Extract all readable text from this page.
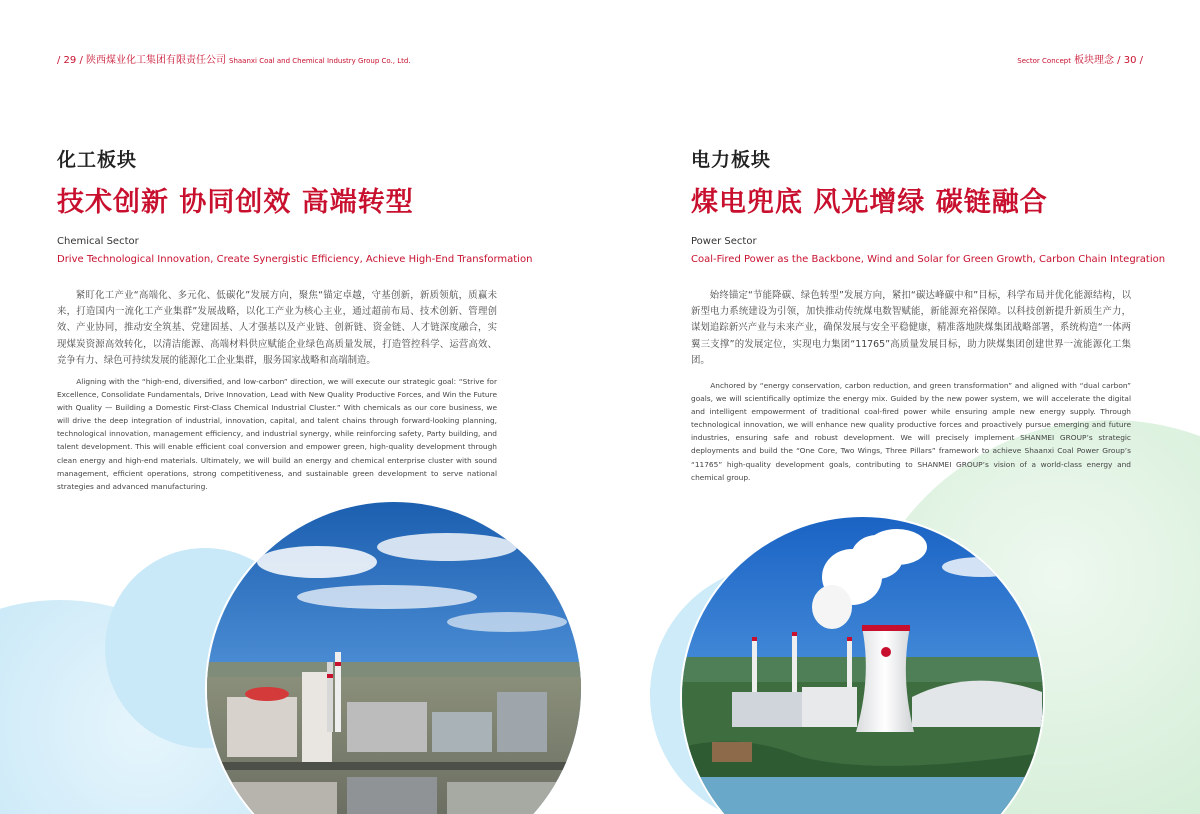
/ 29 / 陕西煤业化工集团有限责任公司 Shaanxi Coal and Chemical Industry Group Co., Ltd.
化工板块
技术创新 协同创效 高端转型
Chemical Sector
Drive Technological Innovation, Create Synergistic Efficiency, Achieve High-End Transformation

紧盯化工产业“高端化、多元化、低碳化”发展方向，聚焦“锚定卓越，守基创新，新质领航，质赢未来，打造国内一流化工产业集群”发展战略，以化工产业为核心主业，通过超前布局、技术创新、管理创效、产业协同，推动安全筑基、党建固基、人才强基以及产业链、创新链、资金链、人才链深度融合，实现煤炭资源高效转化，以清洁能源、高端材料供应赋能企业绿色高质量发展，打造管控科学、运营高效、竞争有力、绿色可持续发展的能源化工企业集群，服务国家战略和高端制造。

Aligning with the “high-end, diversified, and low-carbon” direction, we will execute our strategic goal: “Strive for Excellence, Consolidate Fundamentals, Drive Innovation, Lead with New Quality Productive Forces, and Win the Future with Quality — Building a Domestic First-Class Chemical Industrial Cluster.” With chemicals as our core business, we will drive the deep integration of industrial, innovation, capital, and talent chains through forward-looking planning, technological innovation, management efficiency, and industrial synergy, while reinforcing safety, Party building, and talent development. This will enable efficient coal conversion and empower green, high-quality development through clean energy and high-end materials. Ultimately, we will build an energy and chemical enterprise cluster with sound management, efficient operations, strong competitiveness, and sustainable green development to serve national strategies and advanced manufacturing.

Sector Concept 板块理念 / 30 /
电力板块
煤电兜底 风光增绿 碳链融合
Power Sector
Coal-Fired Power as the Backbone, Wind and Solar for Green Growth, Carbon Chain Integration

始终锚定“节能降碳、绿色转型”发展方向，紧扣“碳达峰碳中和”目标，科学布局并优化能源结构，以新型电力系统建设为引领，加快推动传统煤电数智赋能，新能源充裕保障。以科技创新提升新质生产力，谋划追踪新兴产业与未来产业，确保发展与安全平稳健康，精准落地陕煤集团战略部署，系统构造“一体两翼三支撑”的发展定位，实现电力集团“11765”高质量发展目标，助力陕煤集团创建世界一流能源化工集团。

Anchored by “energy conservation, carbon reduction, and green transformation” and aligned with “dual carbon” goals, we will scientifically optimize the energy mix. Guided by the new power system, we will accelerate the digital and intelligent empowerment of traditional coal-fired power while ensuring ample new energy supply. Through technological innovation, we will enhance new quality productive forces and proactively pursue emerging and future industries, ensuring safe and robust development. We will precisely implement SHANMEI GROUP’s strategic deployments and build the “One Core, Two Wings, Three Pillars” framework to achieve Shaanxi Coal Power Group’s “11765” high-quality development goals, contributing to SHANMEI GROUP’s vision of a world-class energy and chemical group.
